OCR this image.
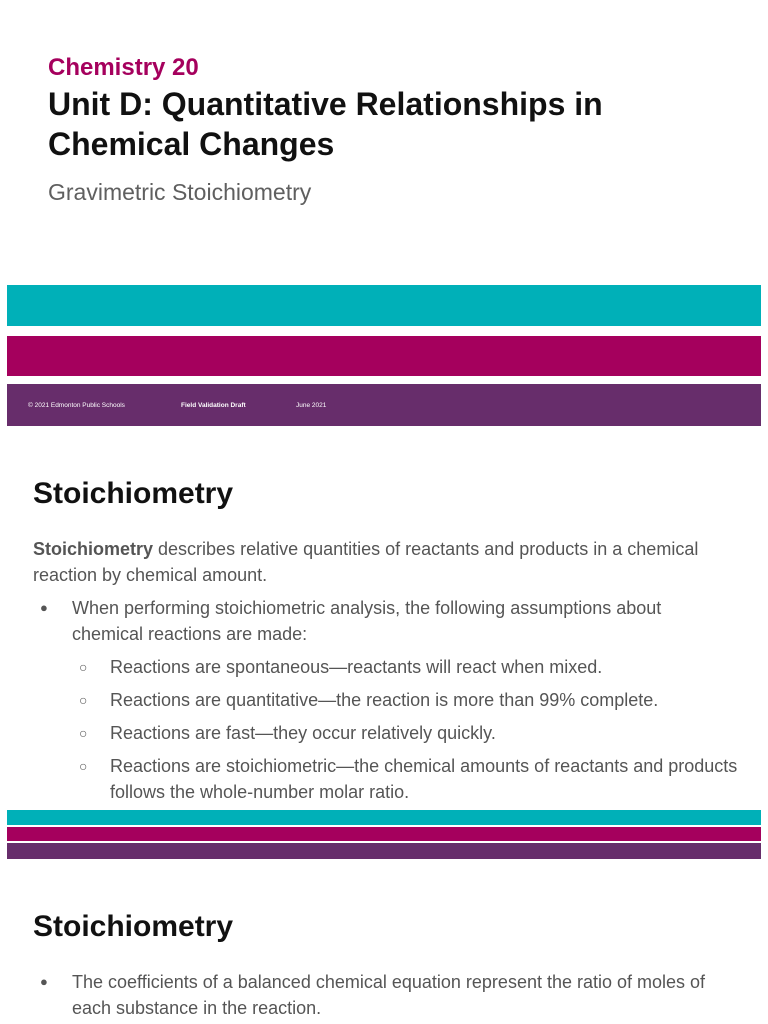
Chemistry 20
Unit D: Quantitative Relationships in Chemical Changes
Gravimetric Stoichiometry
© 2021 Edmonton Public Schools	Field Validation Draft	June 2021
Stoichiometry
Stoichiometry describes relative quantities of reactants and products in a chemical reaction by chemical amount.
● When performing stoichiometric analysis, the following assumptions about chemical reactions are made:
○ Reactions are spontaneous—reactants will react when mixed.
○ Reactions are quantitative—the reaction is more than 99% complete.
○ Reactions are fast—they occur relatively quickly.
○ Reactions are stoichiometric—the chemical amounts of reactants and products follows the whole-number molar ratio.
Stoichiometry
● The coefficients of a balanced chemical equation represent the ratio of moles of each substance in the reaction.
